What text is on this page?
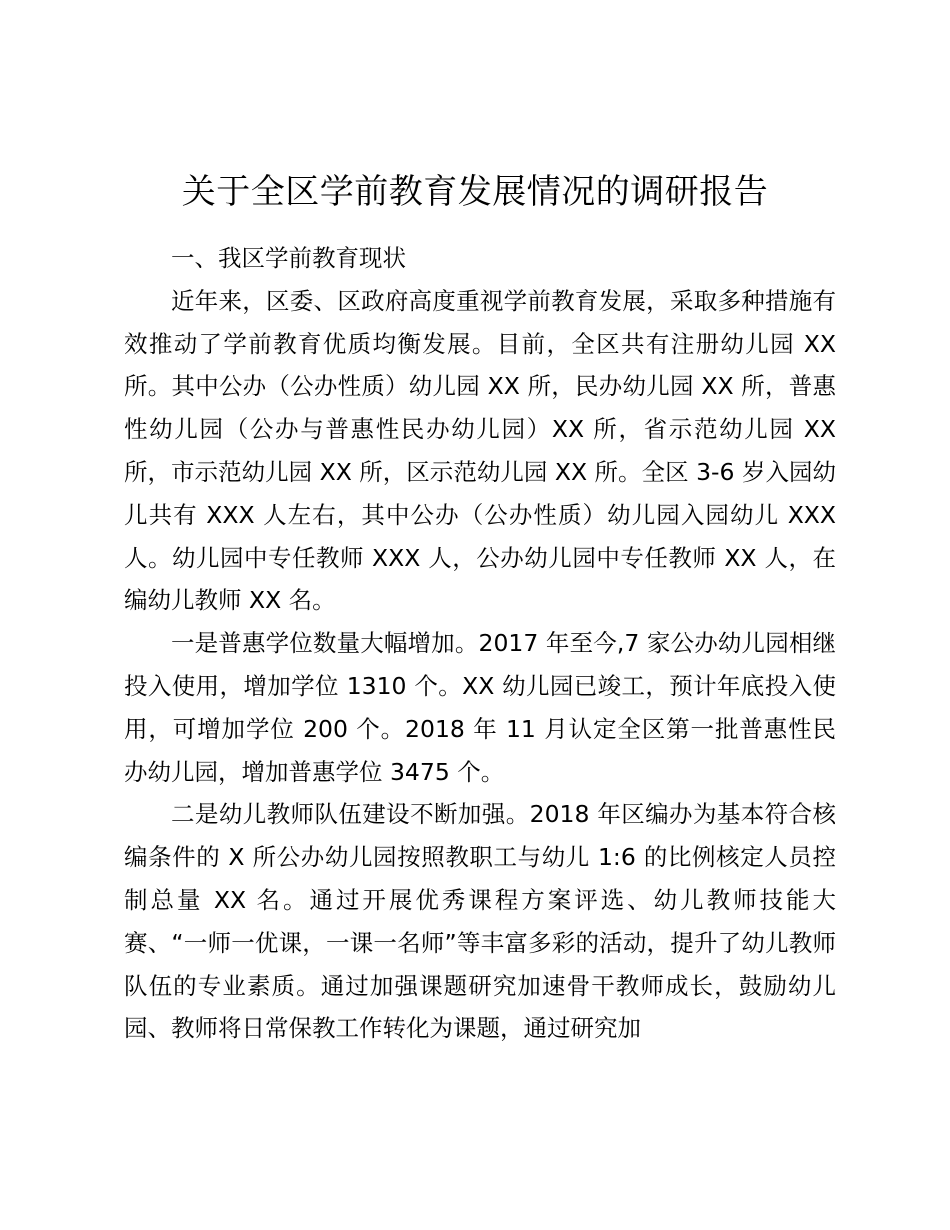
关于全区学前教育发展情况的调研报告
一、我区学前教育现状

近年来，区委、区政府高度重视学前教育发展，采取多种措施有效推动了学前教育优质均衡发展。目前，全区共有注册幼儿园 XX 所。其中公办（公办性质）幼儿园 XX 所，民办幼儿园 XX 所，普惠性幼儿园（公办与普惠性民办幼儿园）XX 所，省示范幼儿园 XX 所，市示范幼儿园 XX 所，区示范幼儿园 XX 所。全区 3-6 岁入园幼儿共有 XXX 人左右，其中公办（公办性质）幼儿园入园幼儿 XXX 人。幼儿园中专任教师 XXX 人，公办幼儿园中专任教师 XX 人，在编幼儿教师 XX 名。

一是普惠学位数量大幅增加。2017 年至今,7 家公办幼儿园相继投入使用，增加学位 1310 个。XX 幼儿园已竣工，预计年底投入使用，可增加学位 200 个。2018 年 11 月认定全区第一批普惠性民办幼儿园，增加普惠学位 3475 个。

二是幼儿教师队伍建设不断加强。2018 年区编办为基本符合核编条件的 X 所公办幼儿园按照教职工与幼儿 1:6 的比例核定人员控制总量 XX 名。通过开展优秀课程方案评选、幼儿教师技能大赛、“一师一优课，一课一名师”等丰富多彩的活动，提升了幼儿教师队伍的专业素质。通过加强课题研究加速骨干教师成长，鼓励幼儿园、教师将日常保教工作转化为课题，通过研究加
